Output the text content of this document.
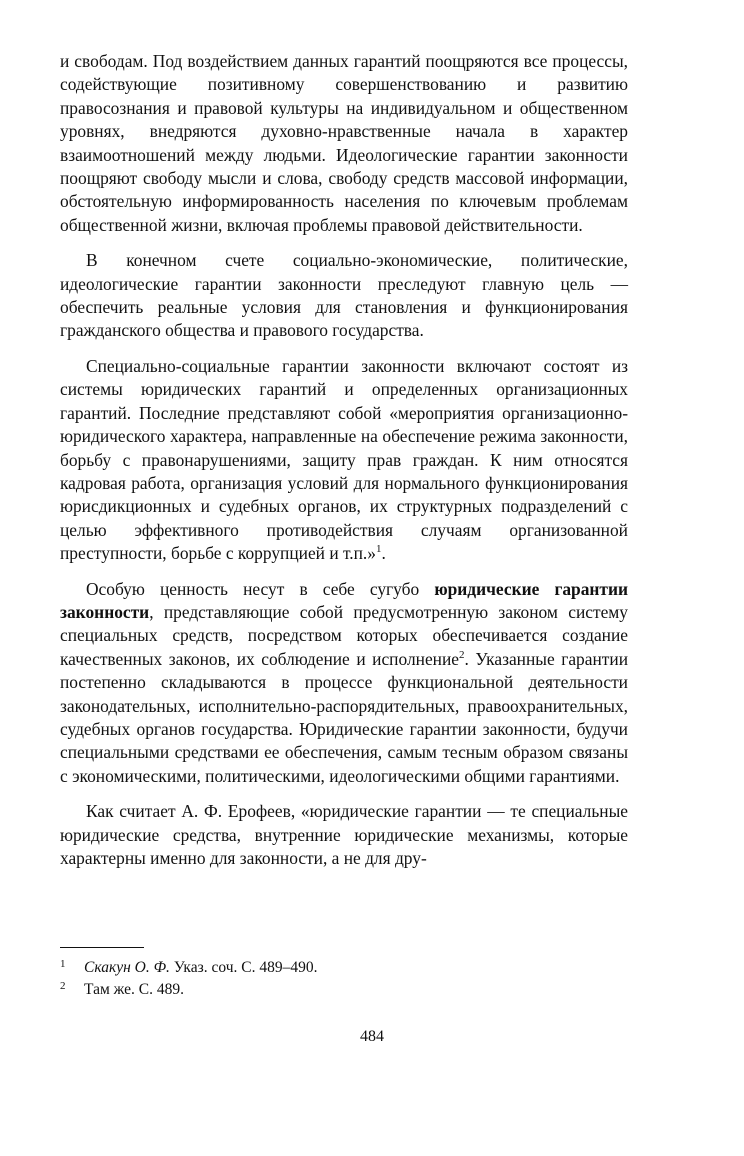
и свободам. Под воздействием данных гарантий поощряются все процессы, содействующие позитивному совершенствованию и развитию правосознания и правовой культуры на индивидуальном и общественном уровнях, внедряются духовно-нравственные начала в характер взаимоотношений между людьми. Идеологические гарантии законности поощряют свободу мысли и слова, свободу средств массовой информации, обстоятельную информированность населения по ключевым проблемам общественной жизни, включая проблемы правовой действительности.

В конечном счете социально-экономические, политические, идеологические гарантии законности преследуют главную цель — обеспечить реальные условия для становления и функционирования гражданского общества и правового государства.

Специально-социальные гарантии законности включают состоят из системы юридических гарантий и определенных организационных гарантий. Последние представляют собой «мероприятия организационно-юридического характера, направленные на обеспечение режима законности, борьбу с правонарушениями, защиту прав граждан. К ним относятся кадровая работа, организация условий для нормального функционирования юрисдикционных и судебных органов, их структурных подразделений с целью эффективного противодействия случаям организованной преступности, борьбе с коррупцией и т.п.»$^1$.

Особую ценность несут в себе сугубо юридические гарантии законности, представляющие собой предусмотренную законом систему специальных средств, посредством которых обеспечивается создание качественных законов, их соблюдение и исполнение$^2$. Указанные гарантии постепенно складываются в процессе функциональной деятельности законодательных, исполнительно-распорядительных, правоохранительных, судебных органов государства. Юридические гарантии законности, будучи специальными средствами ее обеспечения, самым тесным образом связаны с экономическими, политическими, идеологическими общими гарантиями.

Как считает А. Ф. Ерофеев, «юридические гарантии — те специальные юридические средства, внутренние юридические механизмы, которые характерны именно для законности, а не для дру-

1 Скакун О. Ф. Указ. соч. С. 489–490.

2 Там же. С. 489.

484
